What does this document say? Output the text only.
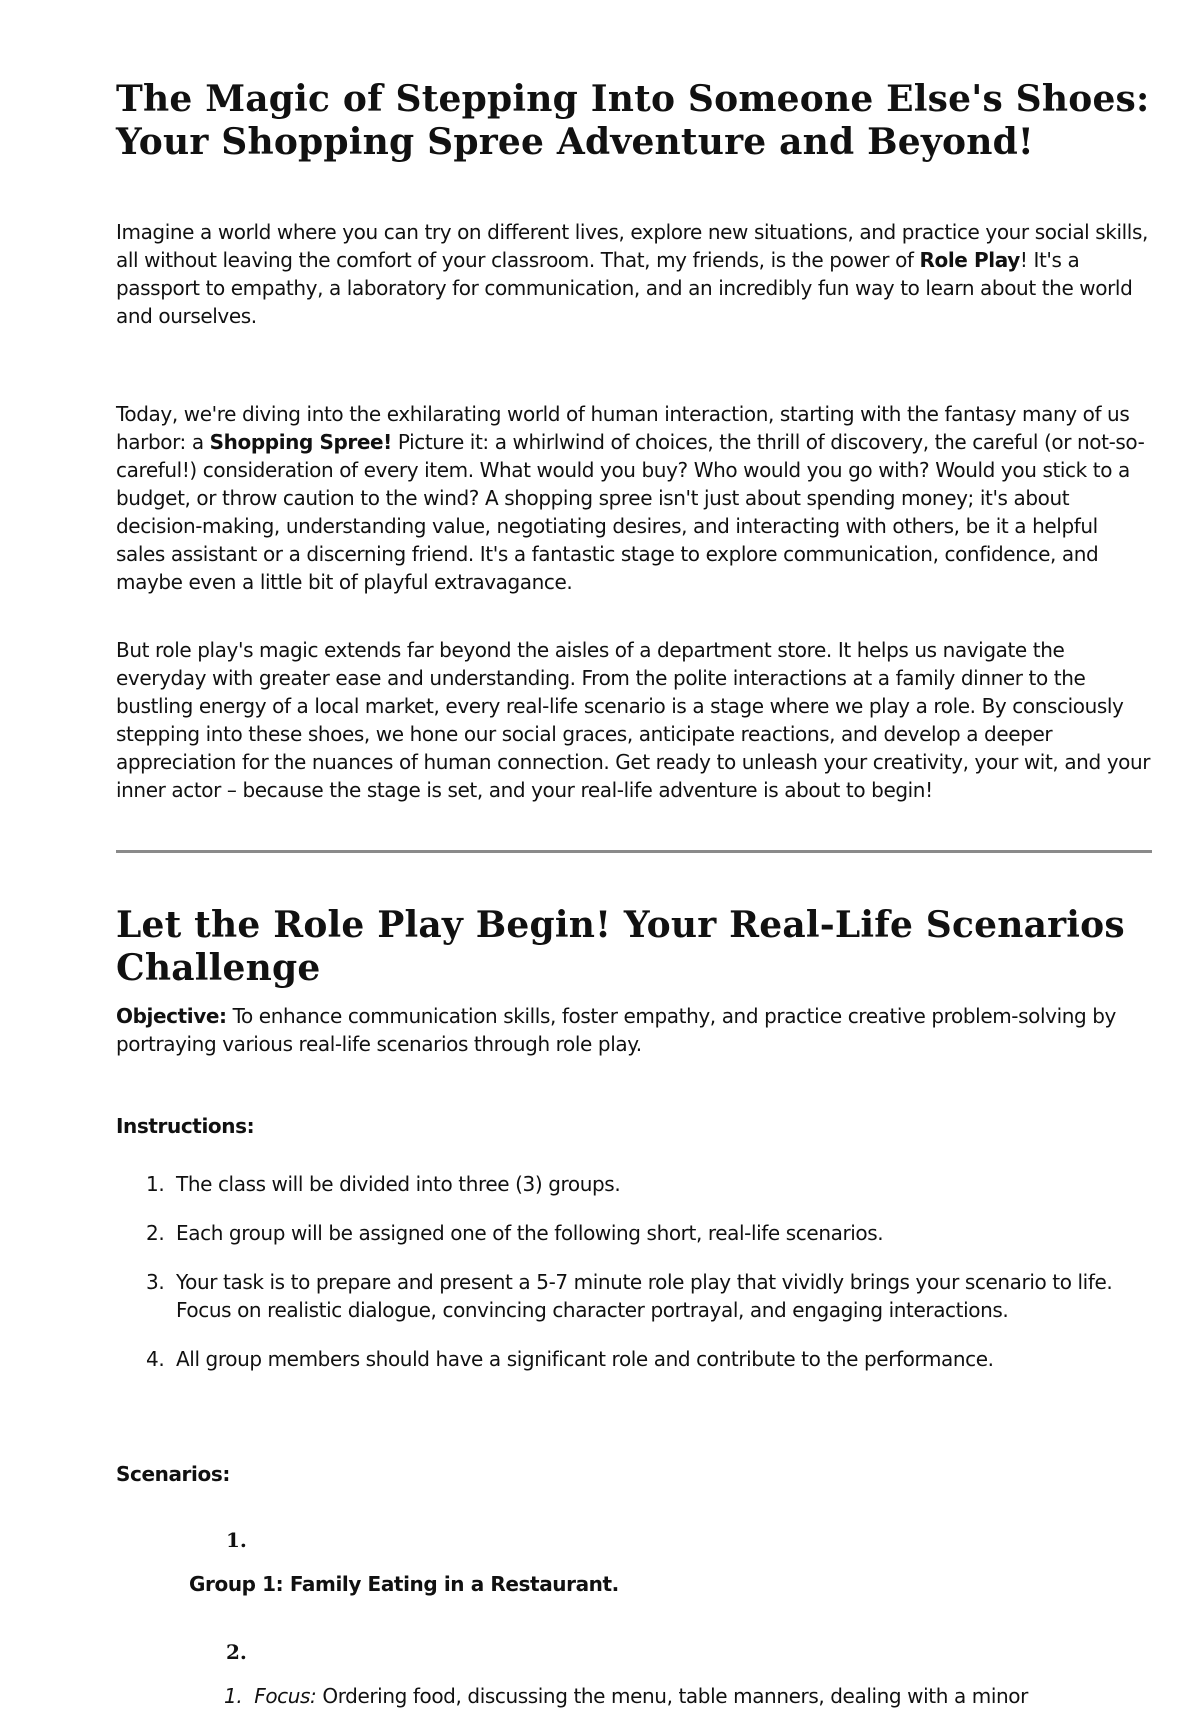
The Magic of Stepping Into Someone Else's Shoes: Your Shopping Spree Adventure and Beyond!

Imagine a world where you can try on different lives, explore new situations, and practice your social skills, all without leaving the comfort of your classroom. That, my friends, is the power of Role Play! It's a passport to empathy, a laboratory for communication, and an incredibly fun way to learn about the world and ourselves.

Today, we're diving into the exhilarating world of human interaction, starting with the fantasy many of us harbor: a Shopping Spree! Picture it: a whirlwind of choices, the thrill of discovery, the careful (or not-so-careful!) consideration of every item. What would you buy? Who would you go with? Would you stick to a budget, or throw caution to the wind? A shopping spree isn't just about spending money; it's about decision-making, understanding value, negotiating desires, and interacting with others, be it a helpful sales assistant or a discerning friend. It's a fantastic stage to explore communication, confidence, and maybe even a little bit of playful extravagance.

But role play's magic extends far beyond the aisles of a department store. It helps us navigate the everyday with greater ease and understanding. From the polite interactions at a family dinner to the bustling energy of a local market, every real-life scenario is a stage where we play a role. By consciously stepping into these shoes, we hone our social graces, anticipate reactions, and develop a deeper appreciation for the nuances of human connection. Get ready to unleash your creativity, your wit, and your inner actor – because the stage is set, and your real-life adventure is about to begin!

Let the Role Play Begin! Your Real-Life Scenarios Challenge

Objective: To enhance communication skills, foster empathy, and practice creative problem-solving by portraying various real-life scenarios through role play.

Instructions:

1. The class will be divided into three (3) groups.
2. Each group will be assigned one of the following short, real-life scenarios.
3. Your task is to prepare and present a 5-7 minute role play that vividly brings your scenario to life. Focus on realistic dialogue, convincing character portrayal, and engaging interactions.
4. All group members should have a significant role and contribute to the performance.

Scenarios:

1.

Group 1: Family Eating in a Restaurant.

2.

1. Focus: Ordering food, discussing the menu, table manners, dealing with a minor
